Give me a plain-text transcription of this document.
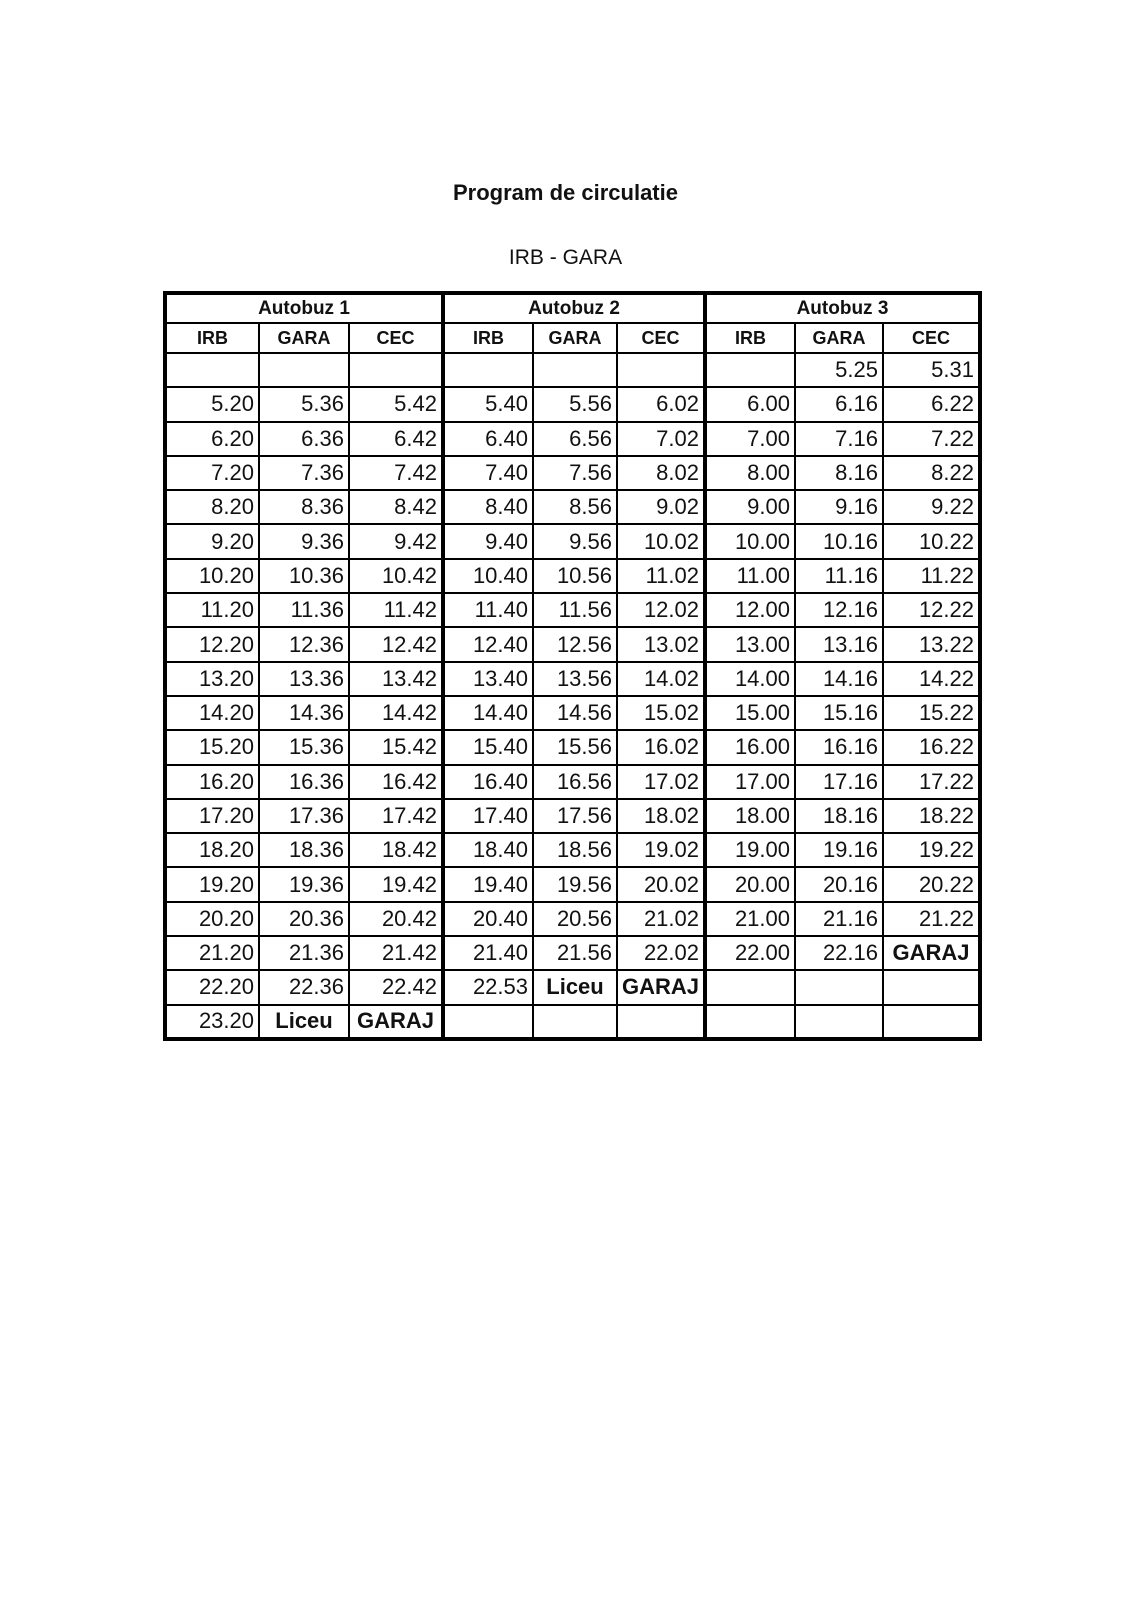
Program de circulatie
IRB - GARA
Autobuz 1			Autobuz 2			Autobuz 3		
IRB	GARA	CEC	IRB	GARA	CEC	IRB	GARA	CEC
							5.25	5.31
5.20	5.36	5.42	5.40	5.56	6.02	6.00	6.16	6.22
6.20	6.36	6.42	6.40	6.56	7.02	7.00	7.16	7.22
7.20	7.36	7.42	7.40	7.56	8.02	8.00	8.16	8.22
8.20	8.36	8.42	8.40	8.56	9.02	9.00	9.16	9.22
9.20	9.36	9.42	9.40	9.56	10.02	10.00	10.16	10.22
10.20	10.36	10.42	10.40	10.56	11.02	11.00	11.16	11.22
11.20	11.36	11.42	11.40	11.56	12.02	12.00	12.16	12.22
12.20	12.36	12.42	12.40	12.56	13.02	13.00	13.16	13.22
13.20	13.36	13.42	13.40	13.56	14.02	14.00	14.16	14.22
14.20	14.36	14.42	14.40	14.56	15.02	15.00	15.16	15.22
15.20	15.36	15.42	15.40	15.56	16.02	16.00	16.16	16.22
16.20	16.36	16.42	16.40	16.56	17.02	17.00	17.16	17.22
17.20	17.36	17.42	17.40	17.56	18.02	18.00	18.16	18.22
18.20	18.36	18.42	18.40	18.56	19.02	19.00	19.16	19.22
19.20	19.36	19.42	19.40	19.56	20.02	20.00	20.16	20.22
20.20	20.36	20.42	20.40	20.56	21.02	21.00	21.16	21.22
21.20	21.36	21.42	21.40	21.56	22.02	22.00	22.16	GARAJ
22.20	22.36	22.42	22.53	Liceu	GARAJ			
23.20	Liceu	GARAJ						
